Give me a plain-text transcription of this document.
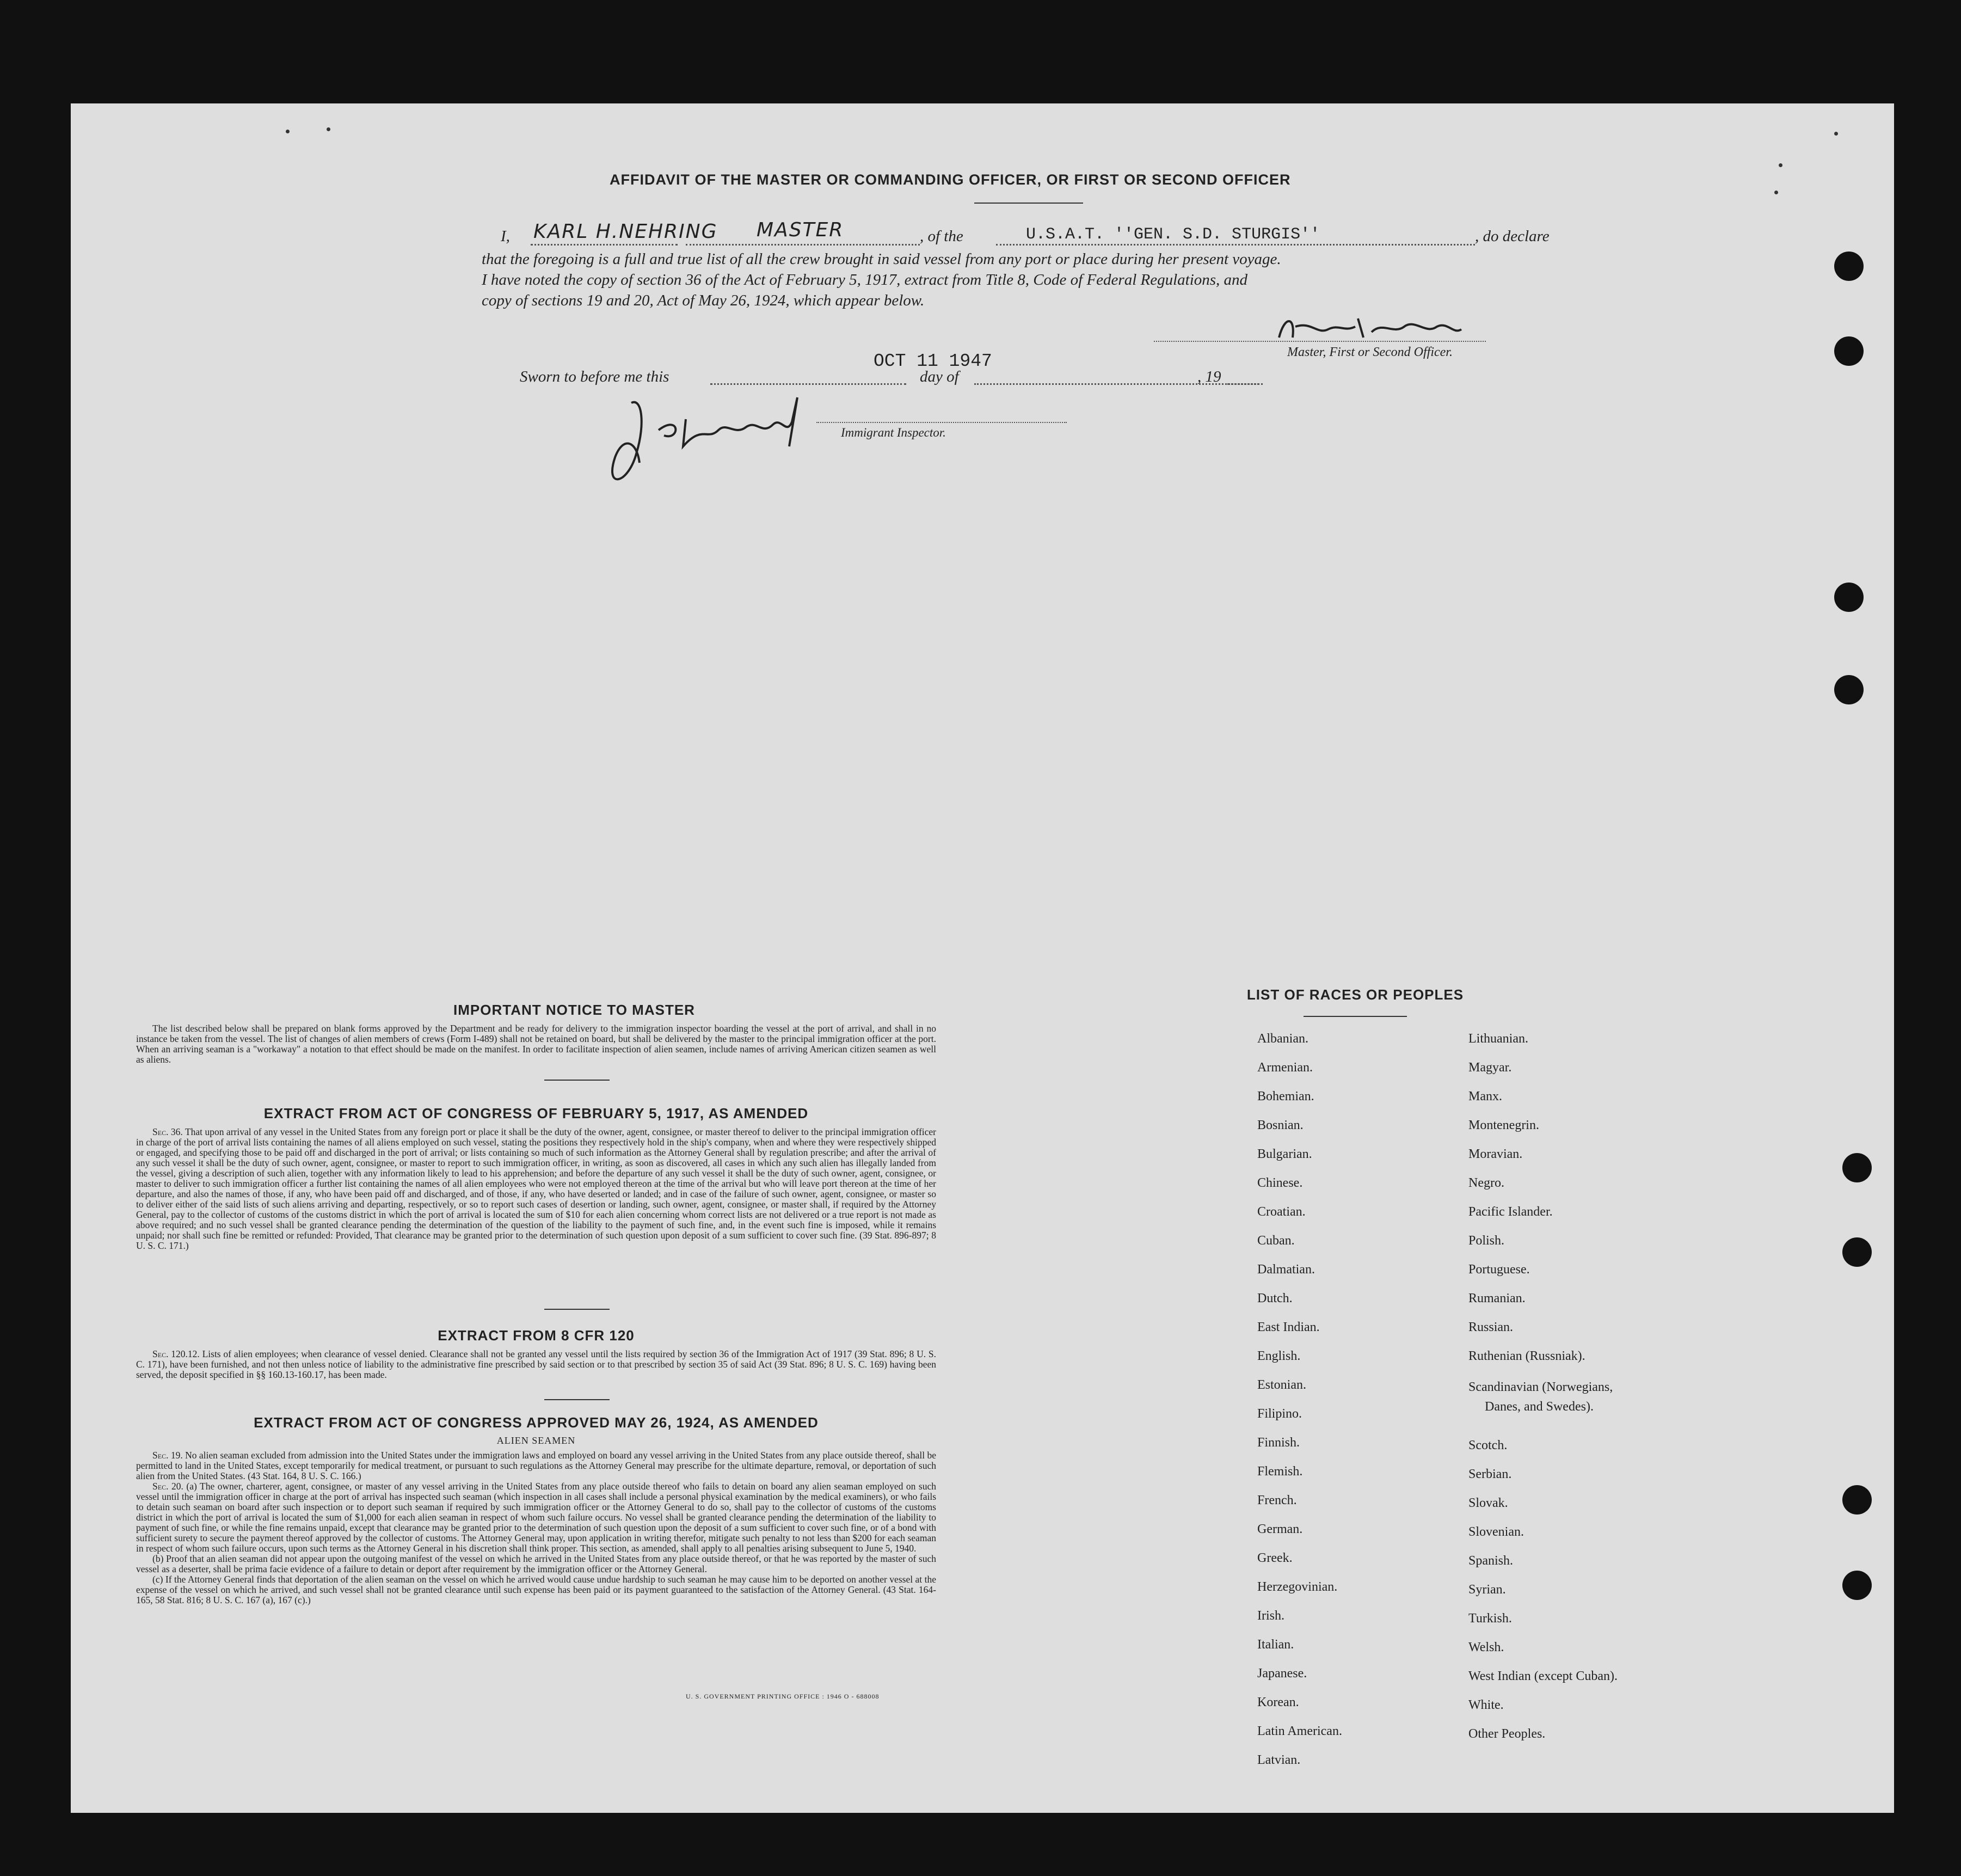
AFFIDAVIT OF THE MASTER OR COMMANDING OFFICER, OR FIRST OR SECOND OFFICER
I, KARL H.NEHRING MASTER	, of the	U.S.A.T. ''GEN. S.D. STURGIS''	, do declare
that the foregoing is a full and true list of all the crew brought in said vessel from any port or place during her present voyage.
I have noted the copy of section 36 of the Act of February 5, 1917, extract from Title 8, Code of Federal Regulations, and
copy of sections 19 and 20, Act of May 26, 1924, which appear below.
Master, First or Second Officer.
Sworn to before me this
OCT 11 1947
day of	, 19
Immigrant Inspector.
IMPORTANT NOTICE TO MASTER
The list described below shall be prepared on blank forms approved by the Department and be ready for delivery to the immigration inspector boarding the vessel at the port of arrival, and shall in no instance be taken from the vessel. The list of changes of alien members of crews (Form I-489) shall not be retained on board, but shall be delivered by the master to the principal immigration officer at the port. When an arriving seaman is a "workaway" a notation to that effect should be made on the manifest. In order to facilitate inspection of alien seamen, include names of arriving American citizen seamen as well as aliens.
EXTRACT FROM ACT OF CONGRESS OF FEBRUARY 5, 1917, AS AMENDED
Sec. 36. That upon arrival of any vessel in the United States from any foreign port or place it shall be the duty of the owner, agent, consignee, or master thereof to deliver to the principal immigration officer in charge of the port of arrival lists containing the names of all aliens employed on such vessel, stating the positions they respectively hold in the ship's company, when and where they were respectively shipped or engaged, and specifying those to be paid off and discharged in the port of arrival; or lists containing so much of such information as the Attorney General shall by regulation prescribe; and after the arrival of any such vessel it shall be the duty of such owner, agent, consignee, or master to report to such immigration officer, in writing, as soon as discovered, all cases in which any such alien has illegally landed from the vessel, giving a description of such alien, together with any information likely to lead to his apprehension; and before the departure of any such vessel it shall be the duty of such owner, agent, consignee, or master to deliver to such immigration officer a further list containing the names of all alien employees who were not employed thereon at the time of the arrival but who will leave port thereon at the time of her departure, and also the names of those, if any, who have been paid off and discharged, and of those, if any, who have deserted or landed; and in case of the failure of such owner, agent, consignee, or master so to deliver either of the said lists of such aliens arriving and departing, respectively, or so to report such cases of desertion or landing, such owner, agent, consignee, or master shall, if required by the Attorney General, pay to the collector of customs of the customs district in which the port of arrival is located the sum of $10 for each alien concerning whom correct lists are not delivered or a true report is not made as above required; and no such vessel shall be granted clearance pending the determination of the question of the liability to the payment of such fine, and, in the event such fine is imposed, while it remains unpaid; nor shall such fine be remitted or refunded: Provided, That clearance may be granted prior to the determination of such question upon deposit of a sum sufficient to cover such fine. (39 Stat. 896-897; 8 U. S. C. 171.)
EXTRACT FROM 8 CFR 120
Sec. 120.12. Lists of alien employees; when clearance of vessel denied. Clearance shall not be granted any vessel until the lists required by section 36 of the Immigration Act of 1917 (39 Stat. 896; 8 U. S. C. 171), have been furnished, and not then unless notice of liability to the administrative fine prescribed by said section or to that prescribed by section 35 of said Act (39 Stat. 896; 8 U. S. C. 169) having been served, the deposit specified in §§ 160.13-160.17, has been made.
EXTRACT FROM ACT OF CONGRESS APPROVED MAY 26, 1924, AS AMENDED
ALIEN SEAMEN
Sec. 19. No alien seaman excluded from admission into the United States under the immigration laws and employed on board any vessel arriving in the United States from any place outside thereof, shall be permitted to land in the United States, except temporarily for medical treatment, or pursuant to such regulations as the Attorney General may prescribe for the ultimate departure, removal, or deportation of such alien from the United States. (43 Stat. 164, 8 U. S. C. 166.)
Sec. 20. (a) The owner, charterer, agent, consignee, or master of any vessel arriving in the United States from any place outside thereof who fails to detain on board any alien seaman employed on such vessel until the immigration officer in charge at the port of arrival has inspected such seaman (which inspection in all cases shall include a personal physical examination by the medical examiners), or who fails to detain such seaman on board after such inspection or to deport such seaman if required by such immigration officer or the Attorney General to do so, shall pay to the collector of customs of the customs district in which the port of arrival is located the sum of $1,000 for each alien seaman in respect of whom such failure occurs. No vessel shall be granted clearance pending the determination of the liability to payment of such fine, or while the fine remains unpaid, except that clearance may be granted prior to the determination of such question upon the deposit of a sum sufficient to cover such fine, or of a bond with sufficient surety to secure the payment thereof approved by the collector of customs. The Attorney General may, upon application in writing therefor, mitigate such penalty to not less than $200 for each seaman in respect of whom such failure occurs, upon such terms as the Attorney General in his discretion shall think proper. This section, as amended, shall apply to all penalties arising subsequent to June 5, 1940.
(b) Proof that an alien seaman did not appear upon the outgoing manifest of the vessel on which he arrived in the United States from any place outside thereof, or that he was reported by the master of such vessel as a deserter, shall be prima facie evidence of a failure to detain or deport after requirement by the immigration officer or the Attorney General.
(c) If the Attorney General finds that deportation of the alien seaman on the vessel on which he arrived would cause undue hardship to such seaman he may cause him to be deported on another vessel at the expense of the vessel on which he arrived, and such vessel shall not be granted clearance until such expense has been paid or its payment guaranteed to the satisfaction of the Attorney General. (43 Stat. 164-165, 58 Stat. 816; 8 U. S. C. 167 (a), 167 (c).)
U. S. GOVERNMENT PRINTING OFFICE : 1946 O - 688008
LIST OF RACES OR PEOPLES
Albanian.
Armenian.
Bohemian.
Bosnian.
Bulgarian.
Chinese.
Croatian.
Cuban.
Dalmatian.
Dutch.
East Indian.
English.
Estonian.
Filipino.
Finnish.
Flemish.
French.
German.
Greek.
Herzegovinian.
Irish.
Italian.
Japanese.
Korean.
Latin American.
Latvian.
Lithuanian.
Magyar.
Manx.
Montenegrin.
Moravian.
Negro.
Pacific Islander.
Polish.
Portuguese.
Rumanian.
Russian.
Ruthenian (Russniak).
Scandinavian (Norwegians,
Danes, and Swedes).
Scotch.
Serbian.
Slovak.
Slovenian.
Spanish.
Syrian.
Turkish.
Welsh.
West Indian (except Cuban).
White.
Other Peoples.
